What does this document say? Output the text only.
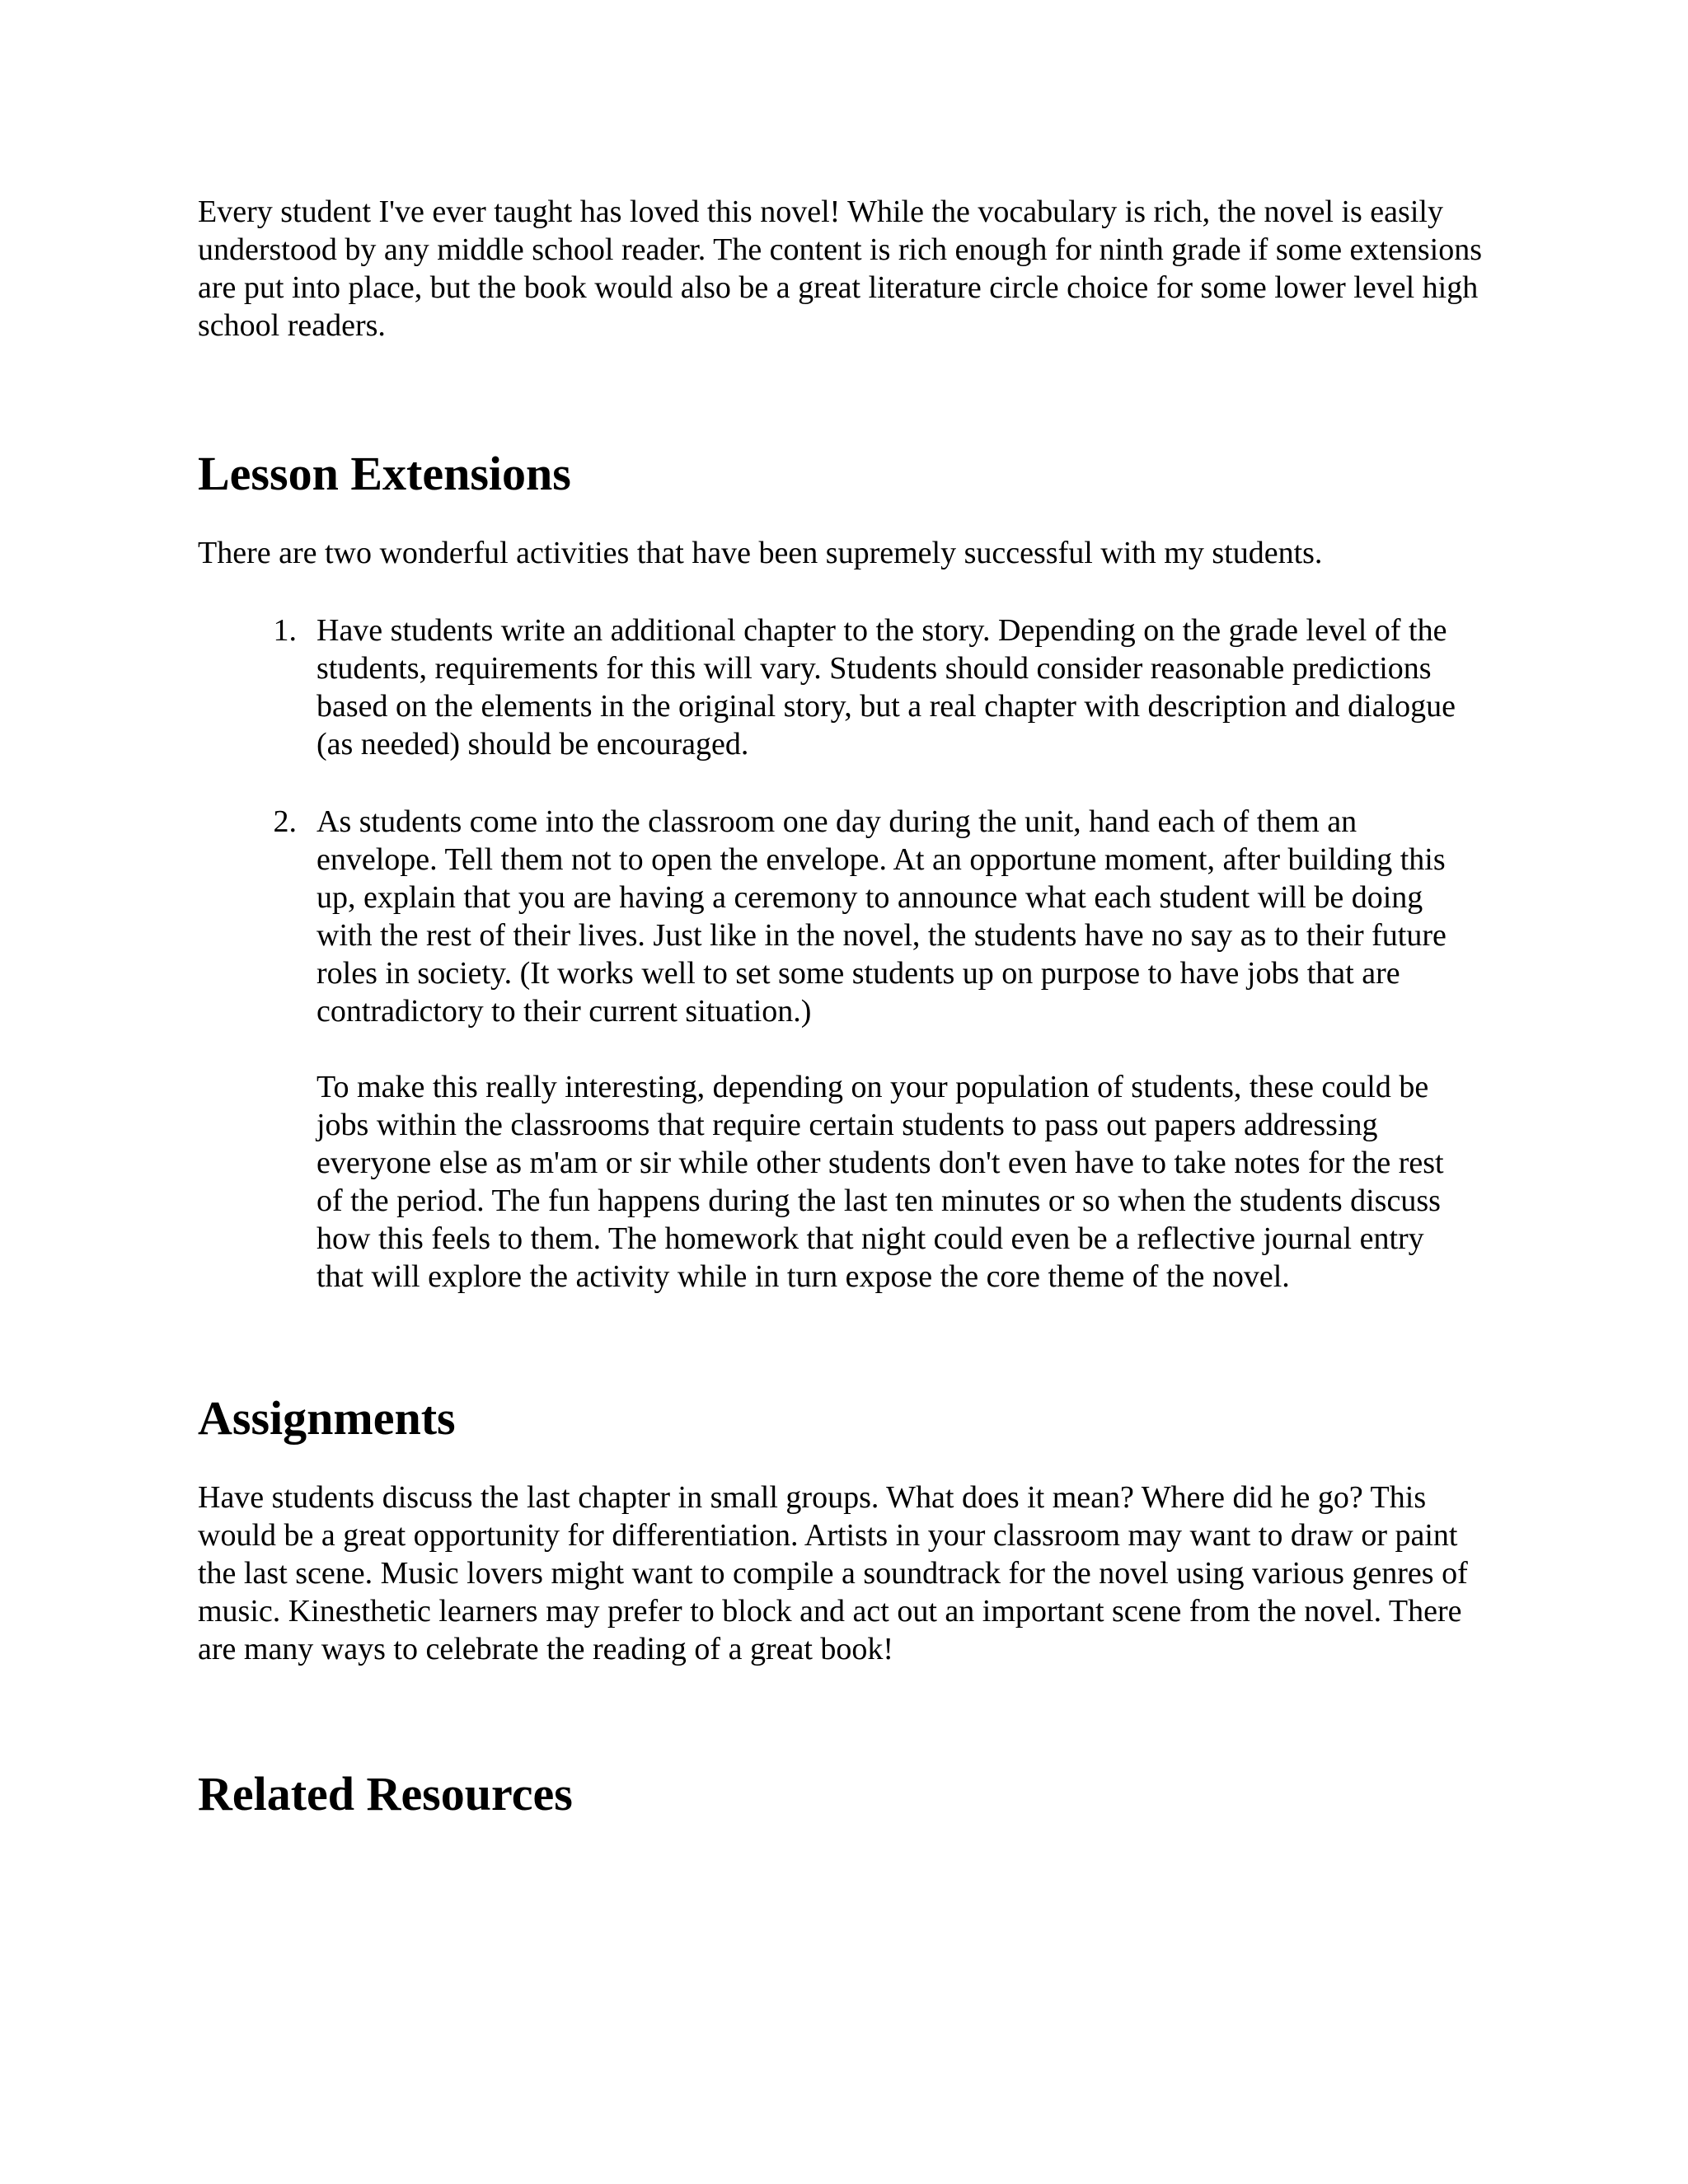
Every student I've ever taught has loved this novel! While the vocabulary is rich, the novel is easily understood by any middle school reader. The content is rich enough for ninth grade if some extensions are put into place, but the book would also be a great literature circle choice for some lower level high school readers.

Lesson Extensions

There are two wonderful activities that have been supremely successful with my students.

1. Have students write an additional chapter to the story. Depending on the grade level of the students, requirements for this will vary. Students should consider reasonable predictions based on the elements in the original story, but a real chapter with description and dialogue (as needed) should be encouraged.

2. As students come into the classroom one day during the unit, hand each of them an envelope. Tell them not to open the envelope. At an opportune moment, after building this up, explain that you are having a ceremony to announce what each student will be doing with the rest of their lives. Just like in the novel, the students have no say as to their future roles in society. (It works well to set some students up on purpose to have jobs that are contradictory to their current situation.)

To make this really interesting, depending on your population of students, these could be jobs within the classrooms that require certain students to pass out papers addressing everyone else as m'am or sir while other students don't even have to take notes for the rest of the period. The fun happens during the last ten minutes or so when the students discuss how this feels to them. The homework that night could even be a reflective journal entry that will explore the activity while in turn expose the core theme of the novel.

Assignments

Have students discuss the last chapter in small groups. What does it mean? Where did he go? This would be a great opportunity for differentiation. Artists in your classroom may want to draw or paint the last scene. Music lovers might want to compile a soundtrack for the novel using various genres of music. Kinesthetic learners may prefer to block and act out an important scene from the novel. There are many ways to celebrate the reading of a great book!

Related Resources
